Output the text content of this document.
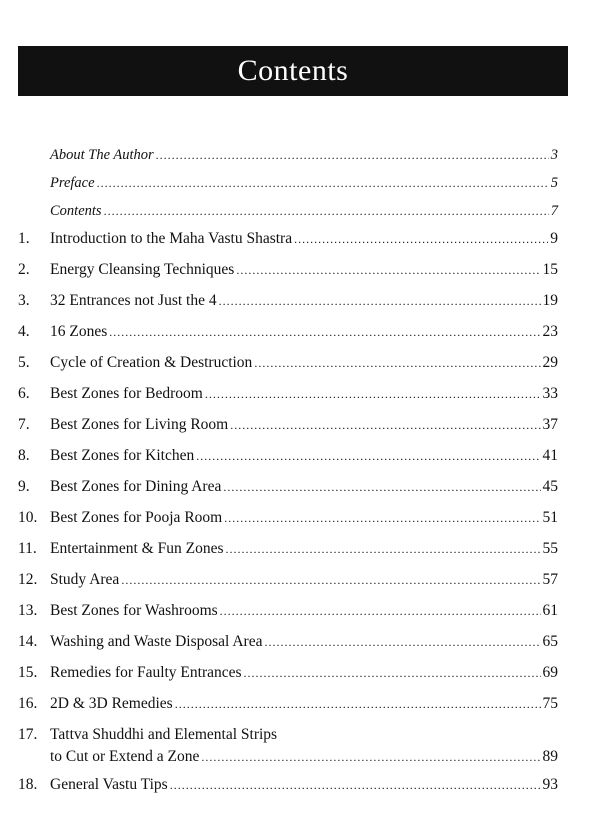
Contents
About The Author .....	3
Preface .....	5
Contents .....	7
1.	Introduction to the Maha Vastu Shastra .....	9
2.	Energy Cleansing Techniques .....	15
3.	32 Entrances not Just the 4 .....	19
4.	16 Zones .....	23
5.	Cycle of Creation & Destruction .....	29
6.	Best Zones for Bedroom .....	33
7.	Best Zones for Living Room .....	37
8.	Best Zones for Kitchen .....	41
9.	Best Zones for Dining Area .....	45
10. Best Zones for Pooja Room .....	51
11. Entertainment & Fun Zones .....	55
12. Study Area .....	57
13. Best Zones for Washrooms .....	61
14. Washing and Waste Disposal Area .....	65
15. Remedies for Faulty Entrances .....	69
16. 2D & 3D Remedies .....	75
17. Tattva Shuddhi and Elemental Strips
to Cut or Extend a Zone .....	89
18. General Vastu Tips .....	93
